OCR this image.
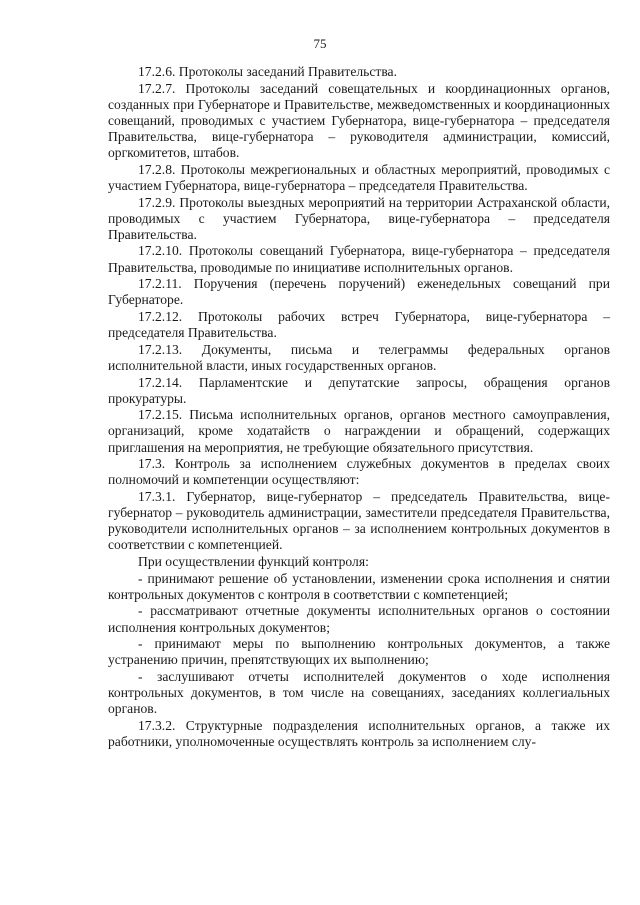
75

17.2.6. Протоколы заседаний Правительства.

17.2.7. Протоколы заседаний совещательных и координационных органов, созданных при Губернаторе и Правительстве, межведомственных и координационных совещаний, проводимых с участием Губернатора, вице-губернатора – председателя Правительства, вице-губернатора – руководителя администрации, комиссий, оргкомитетов, штабов.

17.2.8. Протоколы межрегиональных и областных мероприятий, проводимых с участием Губернатора, вице-губернатора – председателя Правительства.

17.2.9. Протоколы выездных мероприятий на территории Астраханской области, проводимых с участием Губернатора, вице-губернатора – председателя Правительства.

17.2.10. Протоколы совещаний Губернатора, вице-губернатора – председателя Правительства, проводимые по инициативе исполнительных органов.

17.2.11. Поручения (перечень поручений) еженедельных совещаний при Губернаторе.

17.2.12. Протоколы рабочих встреч Губернатора, вице-губернатора – председателя Правительства.

17.2.13. Документы, письма и телеграммы федеральных органов исполнительной власти, иных государственных органов.

17.2.14. Парламентские и депутатские запросы, обращения органов прокуратуры.

17.2.15. Письма исполнительных органов, органов местного самоуправления, организаций, кроме ходатайств о награждении и обращений, содержащих приглашения на мероприятия, не требующие обязательного присутствия.

17.3. Контроль за исполнением служебных документов в пределах своих полномочий и компетенции осуществляют:

17.3.1. Губернатор, вице-губернатор – председатель Правительства, вице-губернатор – руководитель администрации, заместители председателя Правительства, руководители исполнительных органов – за исполнением контрольных документов в соответствии с компетенцией.

При осуществлении функций контроля:

- принимают решение об установлении, изменении срока исполнения и снятии контрольных документов с контроля в соответствии с компетенцией;

- рассматривают отчетные документы исполнительных органов о состоянии исполнения контрольных документов;

- принимают меры по выполнению контрольных документов, а также устранению причин, препятствующих их выполнению;

- заслушивают отчеты исполнителей документов о ходе исполнения контрольных документов, в том числе на совещаниях, заседаниях коллегиальных органов.

17.3.2. Структурные подразделения исполнительных органов, а также их работники, уполномоченные осуществлять контроль за исполнением слу-
